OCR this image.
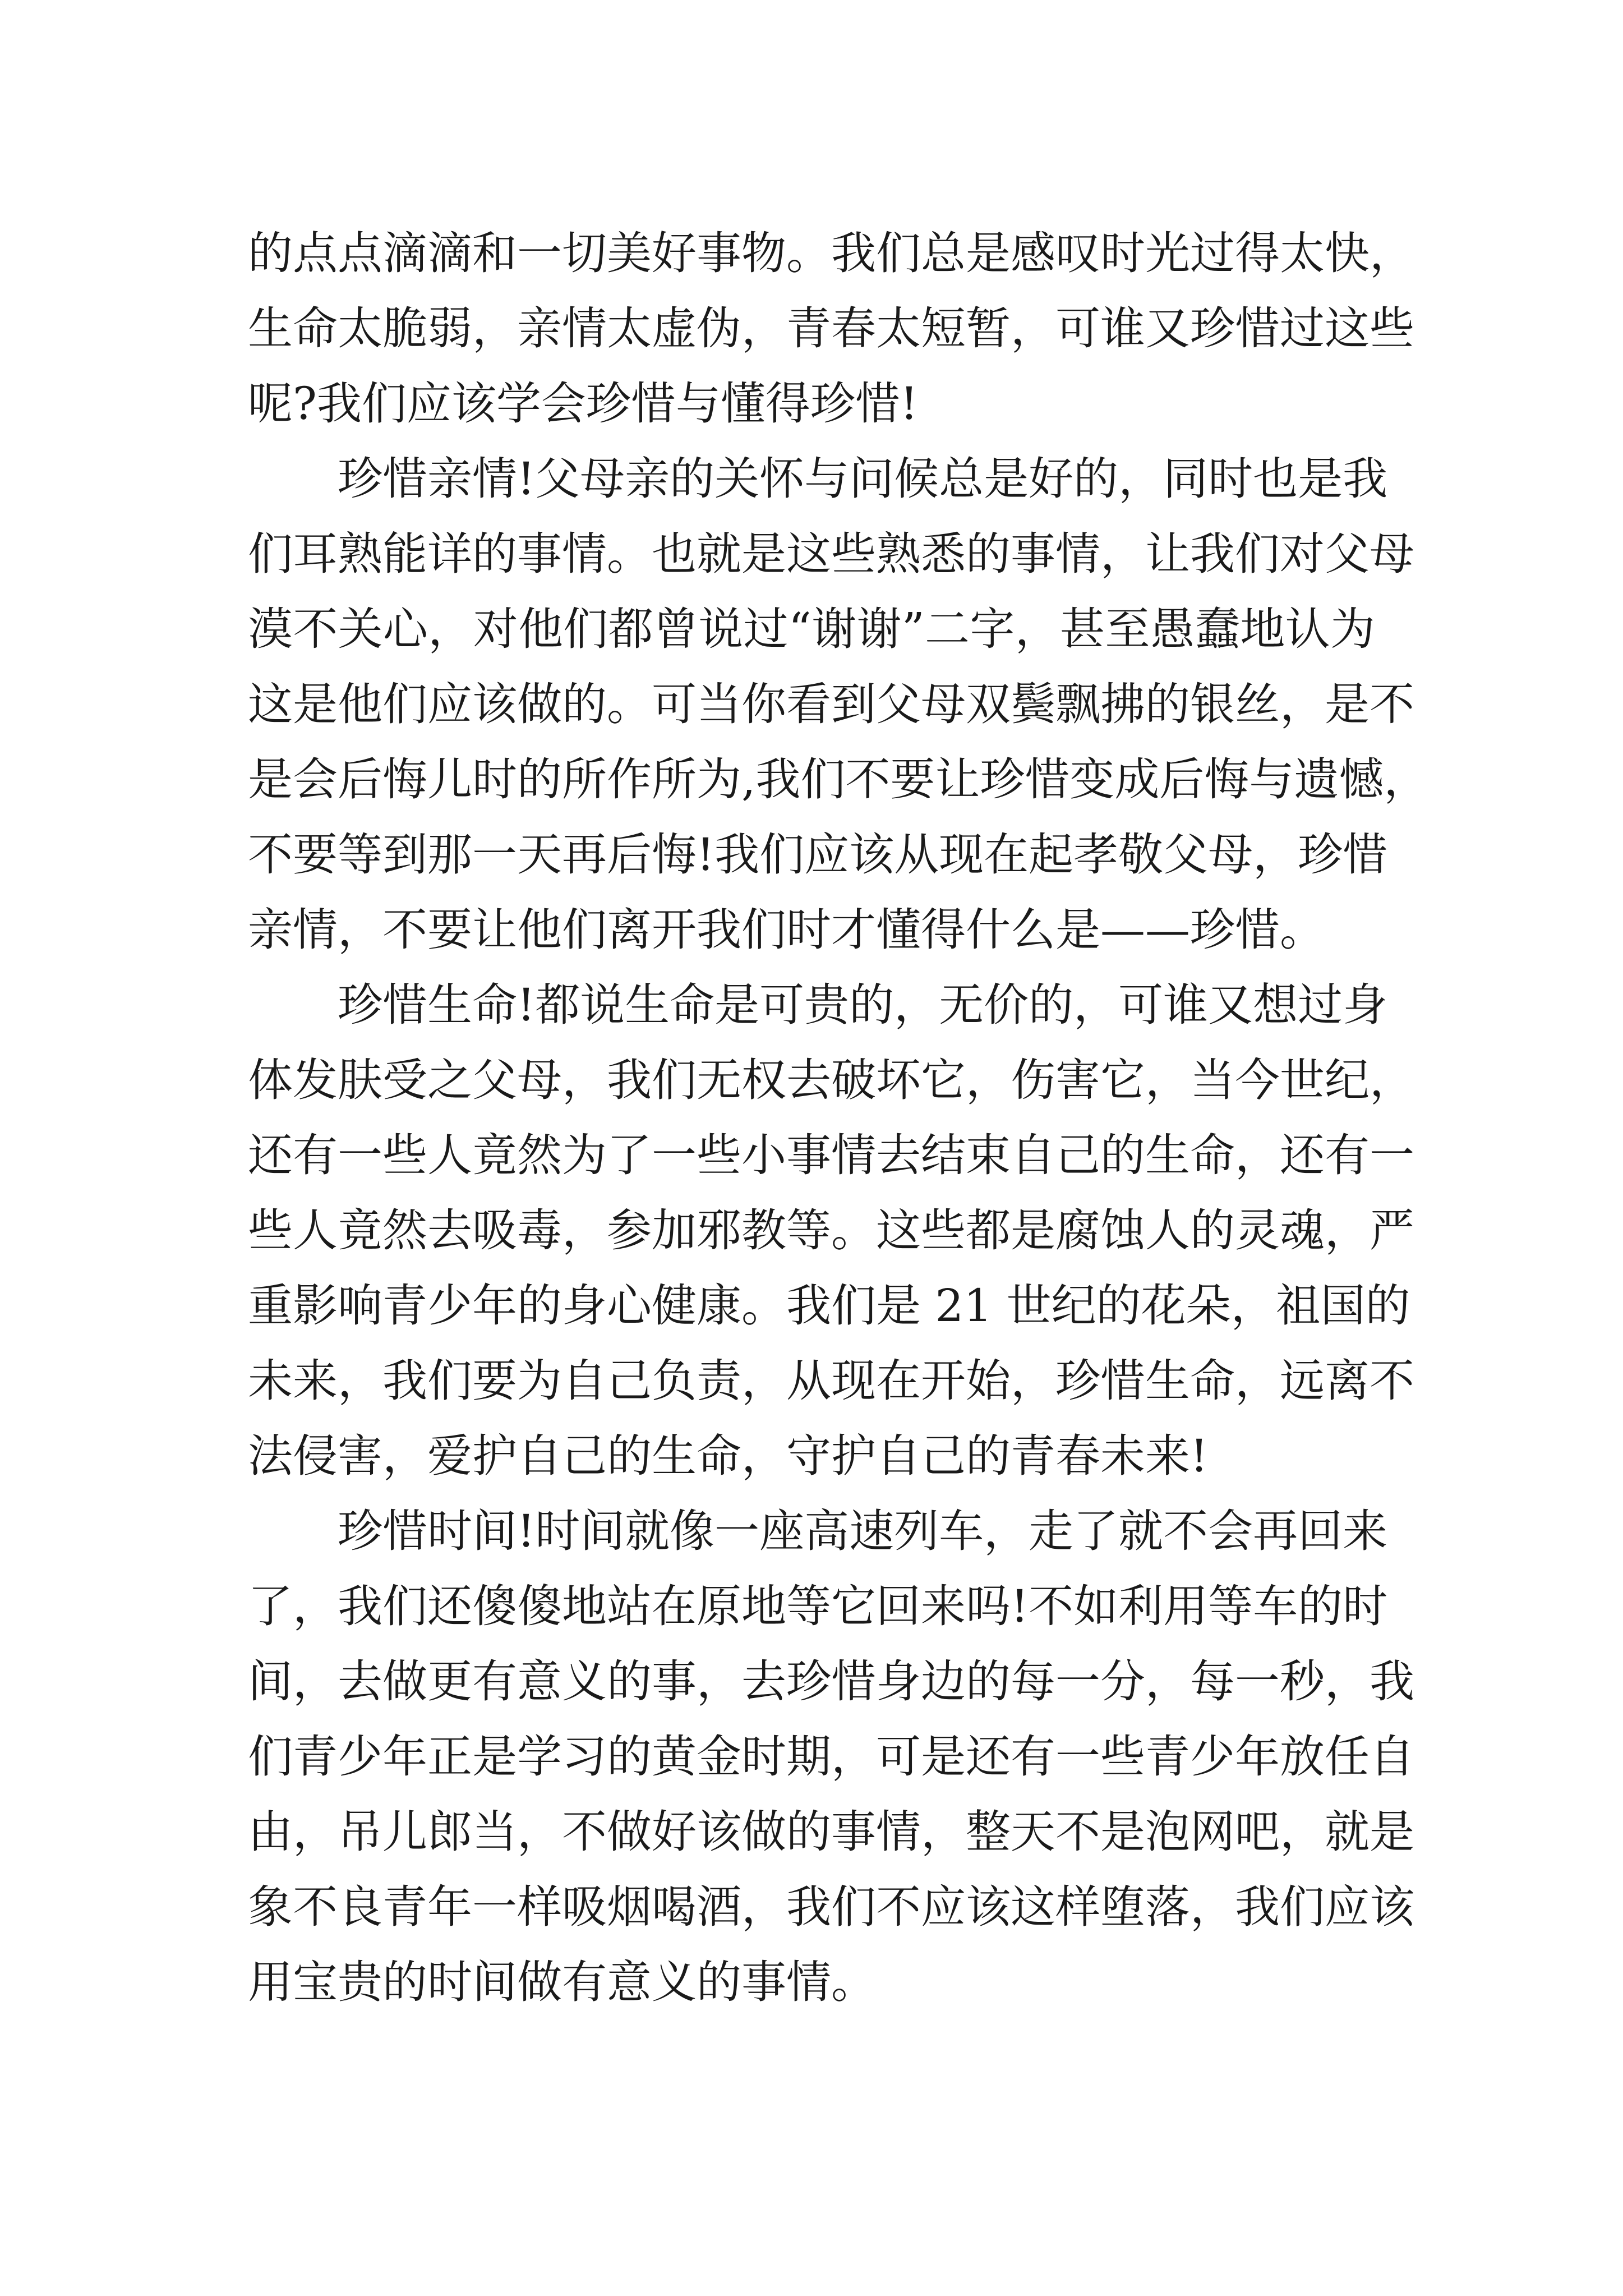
的点点滴滴和一切美好事物。我们总是感叹时光过得太快，
生命太脆弱，亲情太虚伪，青春太短暂，可谁又珍惜过这些
呢?我们应该学会珍惜与懂得珍惜!
珍惜亲情!父母亲的关怀与问候总是好的，同时也是我
们耳熟能详的事情。也就是这些熟悉的事情，让我们对父母
漠不关心，对他们都曾说过“谢谢”二字，甚至愚蠢地认为
这是他们应该做的。可当你看到父母双鬓飘拂的银丝，是不
是会后悔儿时的所作所为,我们不要让珍惜变成后悔与遗憾，
不要等到那一天再后悔!我们应该从现在起孝敬父母，珍惜
亲情，不要让他们离开我们时才懂得什么是——珍惜。
珍惜生命!都说生命是可贵的，无价的，可谁又想过身
体发肤受之父母，我们无权去破坏它，伤害它，当今世纪，
还有一些人竟然为了一些小事情去结束自己的生命，还有一
些人竟然去吸毒，参加邪教等。这些都是腐蚀人的灵魂，严
重影响青少年的身心健康。我们是 21 世纪的花朵，祖国的
未来，我们要为自己负责，从现在开始，珍惜生命，远离不
法侵害，爱护自己的生命，守护自己的青春未来!
珍惜时间!时间就像一座高速列车，走了就不会再回来
了，我们还傻傻地站在原地等它回来吗!不如利用等车的时
间，去做更有意义的事，去珍惜身边的每一分，每一秒，我
们青少年正是学习的黄金时期，可是还有一些青少年放任自
由，吊儿郎当，不做好该做的事情，整天不是泡网吧，就是
象不良青年一样吸烟喝酒，我们不应该这样堕落，我们应该
用宝贵的时间做有意义的事情。
